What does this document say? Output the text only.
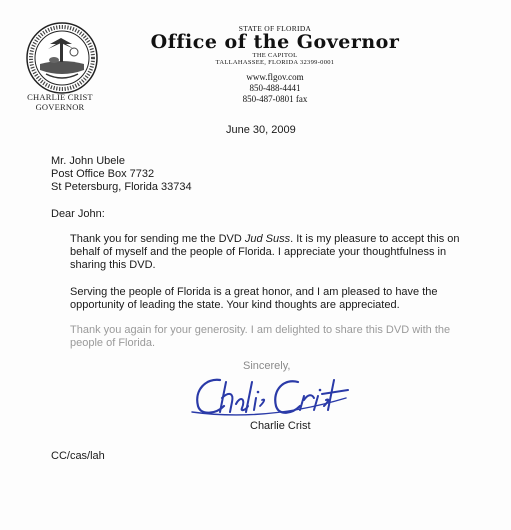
CHARLIE CRIST
GOVERNOR
STATE OF FLORIDA
Office of the Governor
THE CAPITOL
TALLAHASSEE, FLORIDA 32399-0001
www.flgov.com
850-488-4441
850-487-0801 fax
June 30, 2009
Mr. John Ubele
Post Office Box 7732
St Petersburg, Florida 33734
Dear John:
Thank you for sending me the DVD Jud Suss. It is my pleasure to accept this on behalf of myself and the people of Florida. I appreciate your thoughtfulness in sharing this DVD.
Serving the people of Florida is a great honor, and I am pleased to have the opportunity of leading the state. Your kind thoughts are appreciated.
Thank you again for your generosity. I am delighted to share this DVD with the people of Florida.
Sincerely,
Charlie Crist
CC/cas/lah
